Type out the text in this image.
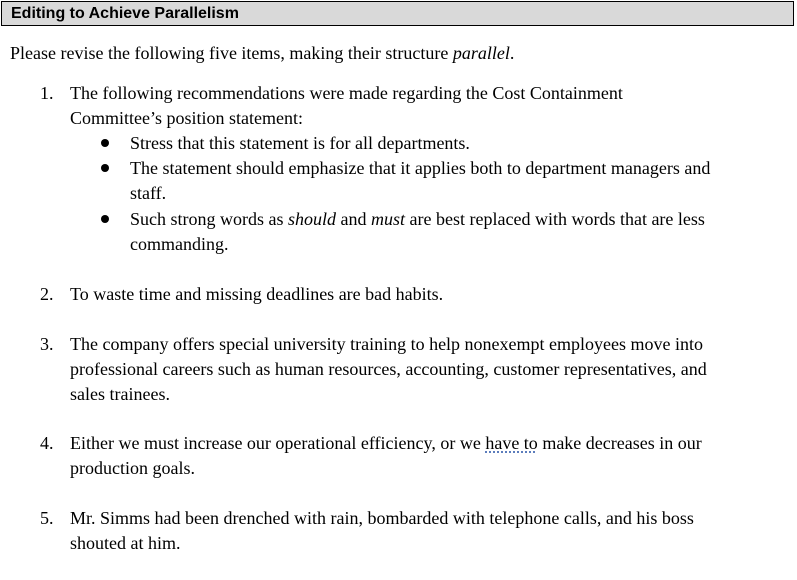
Editing to Achieve Parallelism
Please revise the following five items, making their structure parallel.
1. The following recommendations were made regarding the Cost Containment
Committee’s position statement:
Stress that this statement is for all departments.
The statement should emphasize that it applies both to department managers and
staff.
Such strong words as should and must are best replaced with words that are less
commanding.
2. To waste time and missing deadlines are bad habits.
3. The company offers special university training to help nonexempt employees move into
professional careers such as human resources, accounting, customer representatives, and
sales trainees.
4. Either we must increase our operational efficiency, or we have to make decreases in our
production goals.
5. Mr. Simms had been drenched with rain, bombarded with telephone calls, and his boss
shouted at him.
